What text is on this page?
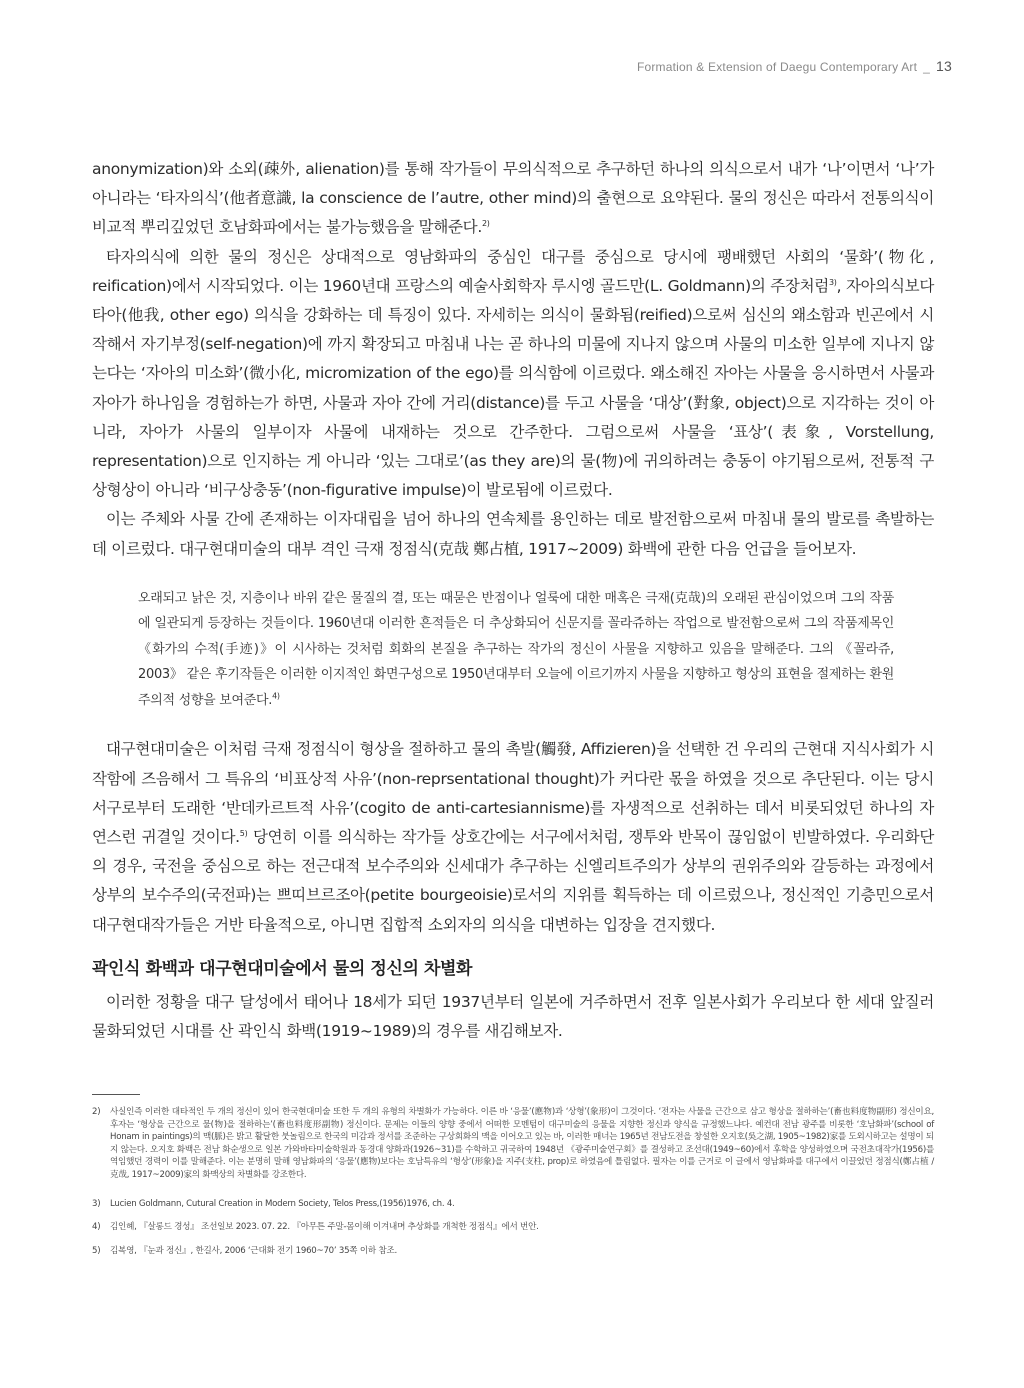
Formation & Extension of Daegu Contemporary Art _ 13

anonymization)와 소외(疎外, alienation)를 통해 작가들이 무의식적으로 추구하던 하나의 의식으로서 내가 ‘나’이면서 ‘나’가 아니라는 ‘타자의식’(他者意識, la conscience de l’autre, other mind)의 출현으로 요약된다. 물의 정신은 따라서 전통의식이 비교적 뿌리깊었던 호남화파에서는 불가능했음을 말해준다.$^{2)}$

타자의식에 의한 물의 정신은 상대적으로 영남화파의 중심인 대구를 중심으로 당시에 팽배했던 사회의 ‘물화’(物化, reification)에서 시작되었다. 이는 1960년대 프랑스의 예술사회학자 루시엥 골드만(L. Goldmann)의 주장처럼$^{3)}$, 자아의식보다 타아(他我, other ego) 의식을 강화하는 데 특징이 있다. 자세히는 의식이 물화됨(reified)으로써 심신의 왜소함과 빈곤에서 시작해서 자기부정(self-negation)에 까지 확장되고 마침내 나는 곧 하나의 미물에 지나지 않으며 사물의 미소한 일부에 지나지 않는다는 ‘자아의 미소화’(微小化, micromization of the ego)를 의식함에 이르렀다. 왜소해진 자아는 사물을 응시하면서 사물과 자아가 하나임을 경험하는가 하면, 사물과 자아 간에 거리(distance)를 두고 사물을 ‘대상’(對象, object)으로 지각하는 것이 아니라, 자아가 사물의 일부이자 사물에 내재하는 것으로 간주한다. 그럼으로써 사물을 ‘표상’(表象, Vorstellung, representation)으로 인지하는 게 아니라 ‘있는 그대로’(as they are)의 물(物)에 귀의하려는 충동이 야기됨으로써, 전통적 구상형상이 아니라 ‘비구상충동’(non-figurative impulse)이 발로됨에 이르렀다.

이는 주체와 사물 간에 존재하는 이자대립을 넘어 하나의 연속체를 용인하는 데로 발전함으로써 마침내 물의 발로를 촉발하는 데 이르렀다. 대구현대미술의 대부 격인 극재 정점식(克哉 鄭占植, 1917~2009) 화백에 관한 다음 언급을 들어보자.

오래되고 낡은 것, 지층이나 바위 같은 물질의 결, 또는 때묻은 반점이나 얼룩에 대한 매혹은 극재(克哉)의 오래된 관심이었으며 그의 작품에 일관되게 등장하는 것들이다. 1960년대 이러한 흔적들은 더 추상화되어 신문지를 꼴라쥬하는 작업으로 발전함으로써 그의 작품제목인 《화가의 수적(手迹)》이 시사하는 것처럼 회화의 본질을 추구하는 작가의 정신이 사물을 지향하고 있음을 말해준다. 그의 《꼴라쥬, 2003》 같은 후기작들은 이러한 이지적인 화면구성으로 1950년대부터 오늘에 이르기까지 사물을 지향하고 형상의 표현을 절제하는 환원주의적 성향을 보여준다.$^{4)}$

대구현대미술은 이처럼 극재 정점식이 형상을 절하하고 물의 촉발(觸發, Affizieren)을 선택한 건 우리의 근현대 지식사회가 시작함에 즈음해서 그 특유의 ‘비표상적 사유’(non-reprsentational thought)가 커다란 몫을 하였을 것으로 추단된다. 이는 당시 서구로부터 도래한 ‘반데카르트적 사유’(cogito de anti-cartesiannisme)를 자생적으로 선취하는 데서 비롯되었던 하나의 자연스런 귀결일 것이다.$^{5)}$ 당연히 이를 의식하는 작가들 상호간에는 서구에서처럼, 쟁투와 반목이 끊임없이 빈발하였다. 우리화단의 경우, 국전을 중심으로 하는 전근대적 보수주의와 신세대가 추구하는 신엘리트주의가 상부의 권위주의와 갈등하는 과정에서 상부의 보수주의(국전파)는 쁘띠브르조아(petite bourgeoisie)로서의 지위를 획득하는 데 이르렀으나, 정신적인 기층민으로서 대구현대작가들은 거반 타율적으로, 아니면 집합적 소외자의 의식을 대변하는 입장을 견지했다.

곽인식 화백과 대구현대미술에서 물의 정신의 차별화

이러한 정황을 대구 달성에서 태어나 18세가 되던 1937년부터 일본에 거주하면서 전후 일본사회가 우리보다 한 세대 앞질러 물화되었던 시대를 산 곽인식 화백(1919~1989)의 경우를 새김해보자.

2)	사실인즉 이러한 대타적인 두 개의 정신이 있어 한국현대미술 또한 두 개의 유형의 차별화가 가능하다. 이른 바 ‘응물’(應物)과 ‘상형’(象形)이 그것이다. ‘전자는 사물을 근간으로 삼고 형상을 절하하는’(畜也料度物副形) 정신이요, 후자는 ‘형상을 근간으로 물(物)을 절하하는’(畜也料度形副物) 정신이다. 문제는 이들의 양향 중에서 어떠한 모멘텀이 대구미술의 응물을 지향한 정신과 양식을 규정했느냐다. 예컨대 전남 광주를 비롯한 ‘호남화파’(school of Honam in paintings)의 맥(脈)은 밝고 활달한 붓놀림으로 한국의 미감과 정서를 조준하는 구상회화의 맥을 이어오고 있는 바, 이러한 매너는 1965년 전남도전을 창설한 오지호(吳之湖, 1905~1982)家를 도외시하고는 설명이 되지 않는다. 오지호 화백은 전남 화순생으로 일본 가와바타미술학원과 동경대 양화과(1926~31)를 수학하고 귀국하여 1948년 《광주미술연구회》를 결성하고 조선대(1949~60)에서 후학을 양성하였으며 국전초대작가(1956)를 역임했던 경력이 이를 말해준다. 이는 분명히 말해 영남화파의 ‘응물’(應物)보다는 호남특유의 ‘형상’(形象)을 지주(支柱, prop)로 하였음에 틀림없다. 필자는 이를 근거로 이 글에서 영남화파를 대구에서 이끌었던 정점식(鄭占植 / 克哉, 1917~2009)家의 화맥상의 차별화를 강조한다.
3)	Lucien Goldmann, Cutural Creation in Modern Society, Telos Press,(1956)1976, ch. 4.
4)	김인혜, 『살롱드 경성』 조선일보 2023. 07. 22. 『아무튼 주말-몸이해 이겨내며 추상화를 개척한 정점식』에서 번안.
5)	김복영, 『눈과 정신』, 한길사, 2006 ‘근대화 전기 1960~70’ 35쪽 이하 참조.
